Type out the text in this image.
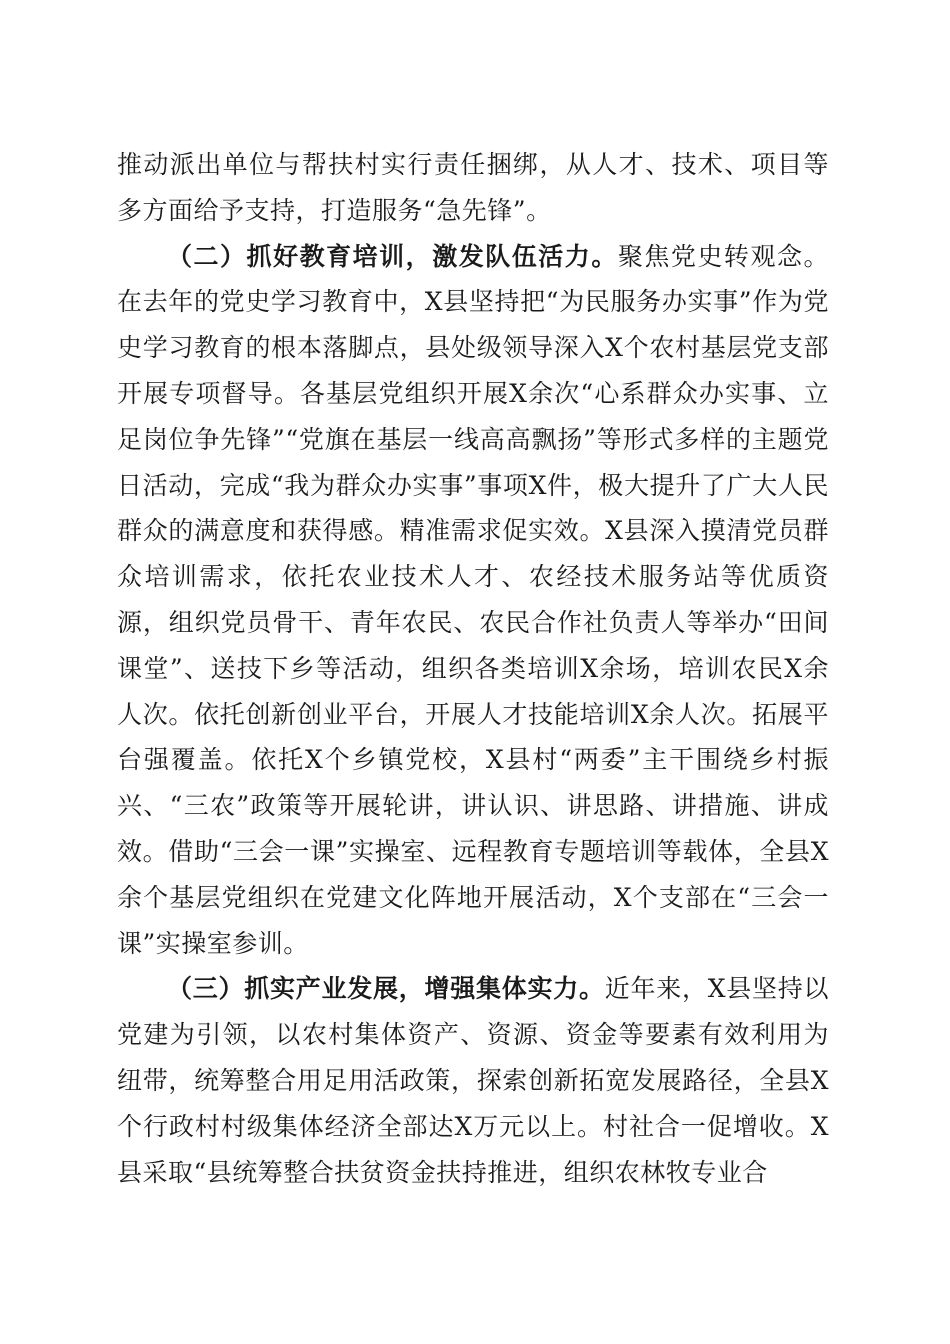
推动派出单位与帮扶村实行责任捆绑，从人才、技术、项目等多方面给予支持，打造服务“急先锋”。

（二）抓好教育培训，激发队伍活力。聚焦党史转观念。在去年的党史学习教育中，X县坚持把“为民服务办实事”作为党史学习教育的根本落脚点，县处级领导深入X个农村基层党支部开展专项督导。各基层党组织开展X余次“心系群众办实事、立足岗位争先锋”“党旗在基层一线高高飘扬”等形式多样的主题党日活动，完成“我为群众办实事”事项X件，极大提升了广大人民群众的满意度和获得感。精准需求促实效。X县深入摸清党员群众培训需求，依托农业技术人才、农经技术服务站等优质资源，组织党员骨干、青年农民、农民合作社负责人等举办“田间课堂”、送技下乡等活动，组织各类培训X余场，培训农民X余人次。依托创新创业平台，开展人才技能培训X余人次。拓展平台强覆盖。依托X个乡镇党校，X县村“两委”主干围绕乡村振兴、“三农”政策等开展轮讲，讲认识、讲思路、讲措施、讲成效。借助“三会一课”实操室、远程教育专题培训等载体，全县X余个基层党组织在党建文化阵地开展活动，X个支部在“三会一课”实操室参训。

（三）抓实产业发展，增强集体实力。近年来，X县坚持以党建为引领，以农村集体资产、资源、资金等要素有效利用为纽带，统筹整合用足用活政策，探索创新拓宽发展路径，全县X个行政村村级集体经济全部达X万元以上。村社合一促增收。X县采取“县统筹整合扶贫资金扶持推进，组织农林牧专业合
